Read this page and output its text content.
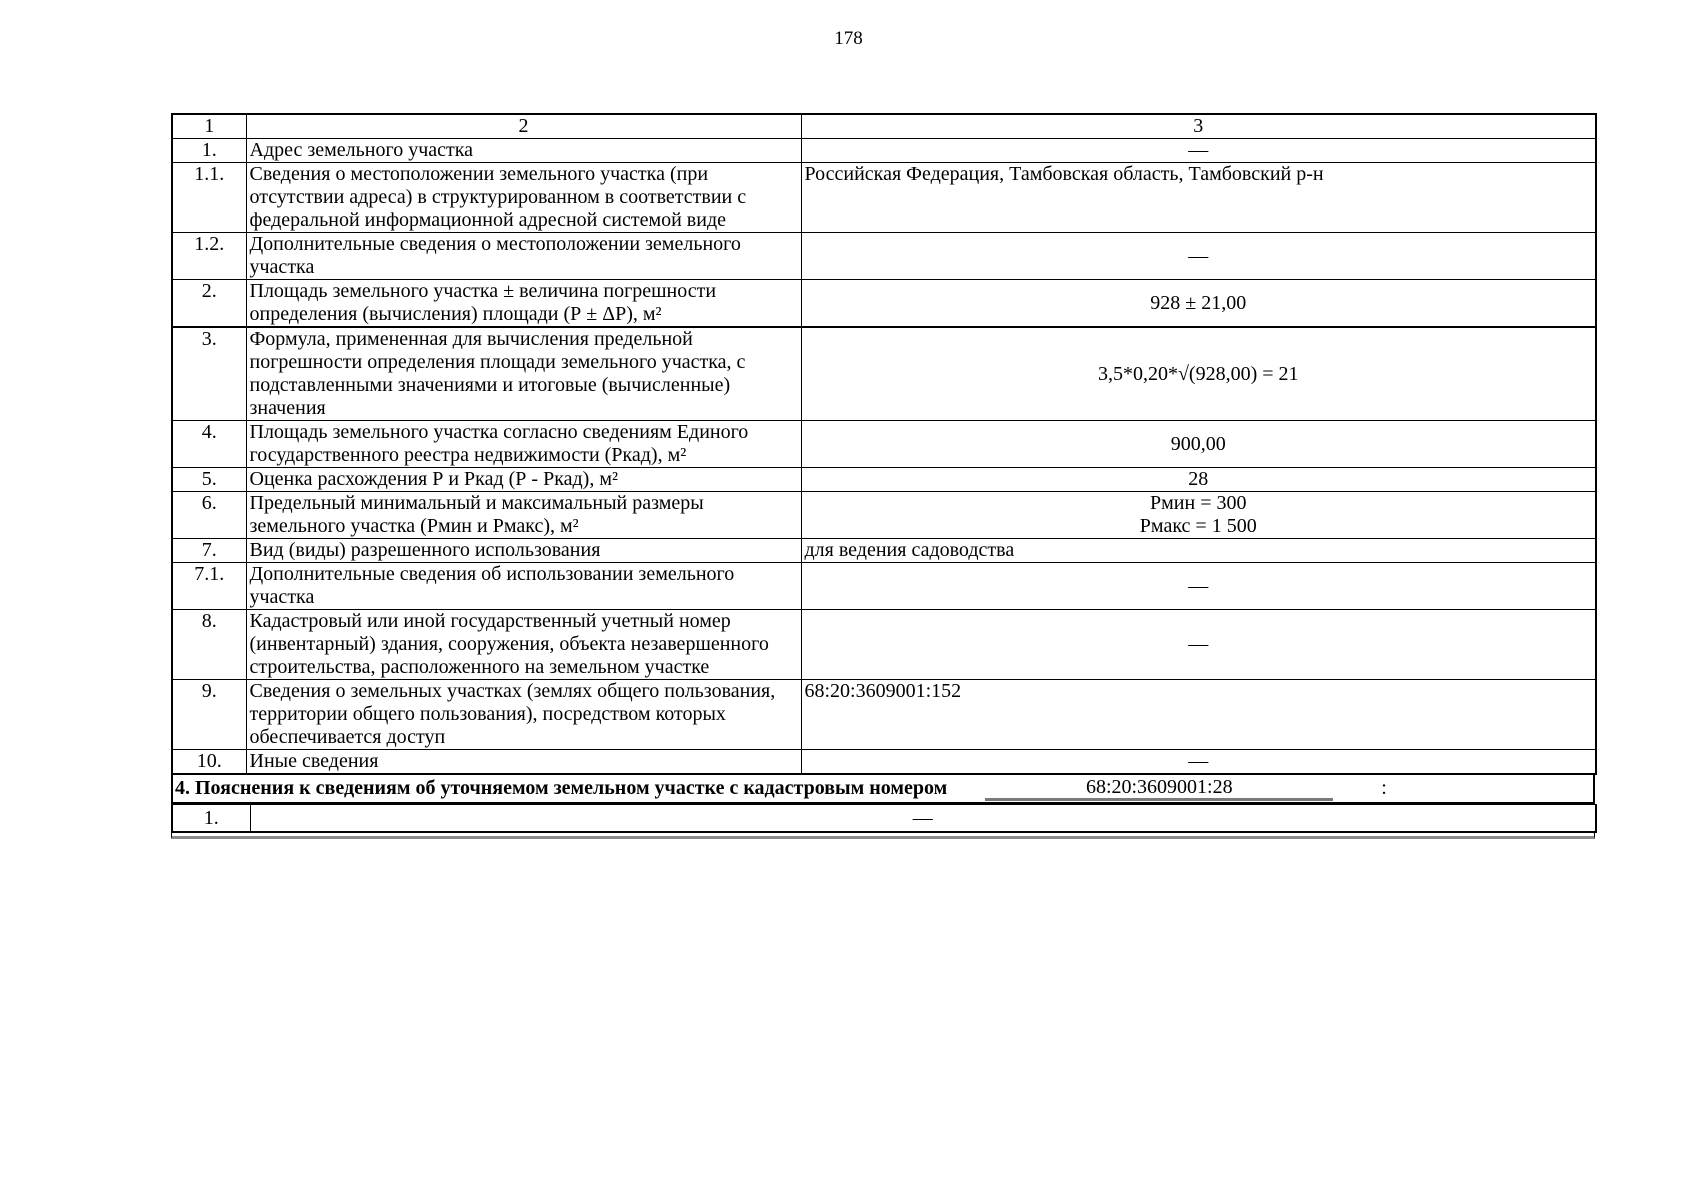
178
1	2	3
1.	Адрес земельного участка	—
1.1.	Сведения о местоположении земельного участка (при отсутствии адреса) в структурированном в соответствии с федеральной информационной адресной системой виде	Российская Федерация, Тамбовская область, Тамбовский р-н
1.2.	Дополнительные сведения о местоположении земельного участка	—
2.	Площадь земельного участка ± величина погрешности определения (вычисления) площади (Р ± ΔР), м²	928 ± 21,00
3.	Формула, примененная для вычисления предельной погрешности определения площади земельного участка, с подставленными значениями и итоговые (вычисленные) значения	3,5*0,20*√(928,00) = 21
4.	Площадь земельного участка согласно сведениям Единого государственного реестра недвижимости (Ркад), м²	900,00
5.	Оценка расхождения Р и Ркад (Р - Ркад), м²	28
6.	Предельный минимальный и максимальный размеры земельного участка (Рмин и Рмакс), м²	Рмин = 300
Рмакс = 1 500

7.	Вид (виды) разрешенного использования	для ведения садоводства
7.1.	Дополнительные сведения об использовании земельного участка	—
8.	Кадастровый или иной государственный учетный номер (инвентарный) здания, сооружения, объекта незавершенного строительства, расположенного на земельном участке	—
9.	Сведения о земельных участках (землях общего пользования, территории общего пользования), посредством которых обеспечивается доступ	68:20:3609001:152
10.	Иные сведения	—
4. Пояснения к сведениям об уточняемом земельном участке с кадастровым номером	68:20:3609001:28	:
1.	—
